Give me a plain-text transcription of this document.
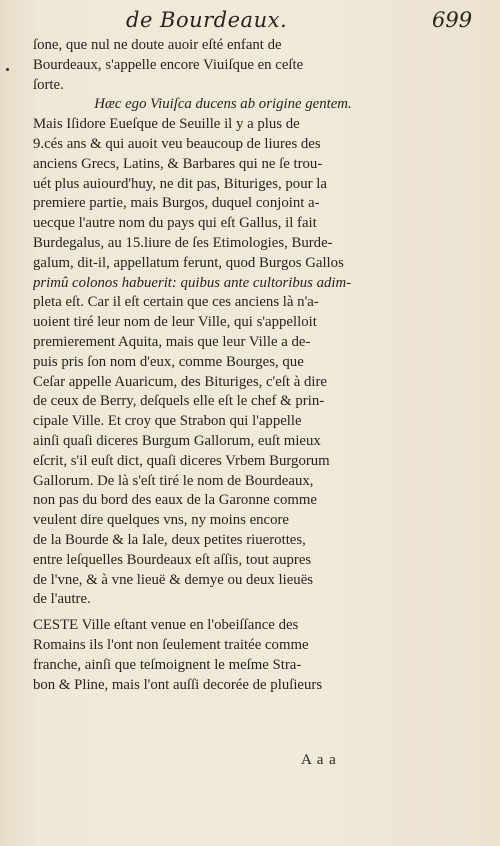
de Bourdeaux.	699
ſone, que nul ne doute auoir eſté enfant de
Bourdeaux, s'appelle encore Viuiſque en ceſte
ſorte.
Hæc ego Viuiſca ducens ab origine gentem.
Mais Iſidore Eueſque de Seuille il y a plus de
9.cés ans & qui auoit veu beaucoup de liures des
anciens Grecs, Latins, & Barbares qui ne ſe trou-
uét plus auiourd'huy, ne dit pas, Bituriges, pour la
premiere partie, mais Burgos, duquel conjoint a-
uecque l'autre nom du pays qui eſt Gallus, il fait
Burdegalus, au 15.liure de ſes Etimologies, Burde-
galum, dit-il, appellatum ferunt, quod Burgos Gallos
primû colonos habuerit: quibus ante cultoribus adim-
pleta eſt. Car il eſt certain que ces anciens là n'a-
uoient tiré leur nom de leur Ville, qui s'appelloit
premierement Aquita, mais que leur Ville a de-
puis pris ſon nom d'eux, comme Bourges, que
Ceſar appelle Auaricum, des Bituriges, c'eſt à dire
de ceux de Berry, deſquels elle eſt le chef & prin-
cipale Ville. Et croy que Strabon qui l'appelle
ainſi quaſi diceres Burgum Gallorum, euſt mieux
eſcrit, s'il euſt dict, quaſi diceres Vrbem Burgorum
Gallorum. De là s'eſt tiré le nom de Bourdeaux,
non pas du bord des eaux de la Garonne comme
veulent dire quelques vns, ny moins encore
de la Bourde & la Iale, deux petites riuerottes,
entre leſquelles Bourdeaux eſt aſſis, tout aupres
de l'vne, & à vne lieuë & demye ou deux lieuës
de l'autre.
CESTE Ville eſtant venue en l'obeiſſance des
Romains ils l'ont non ſeulement traitée comme
franche, ainſi que teſmoignent le meſme Stra-
bon & Pline, mais l'ont auſſi decorée de pluſieurs
A a a
